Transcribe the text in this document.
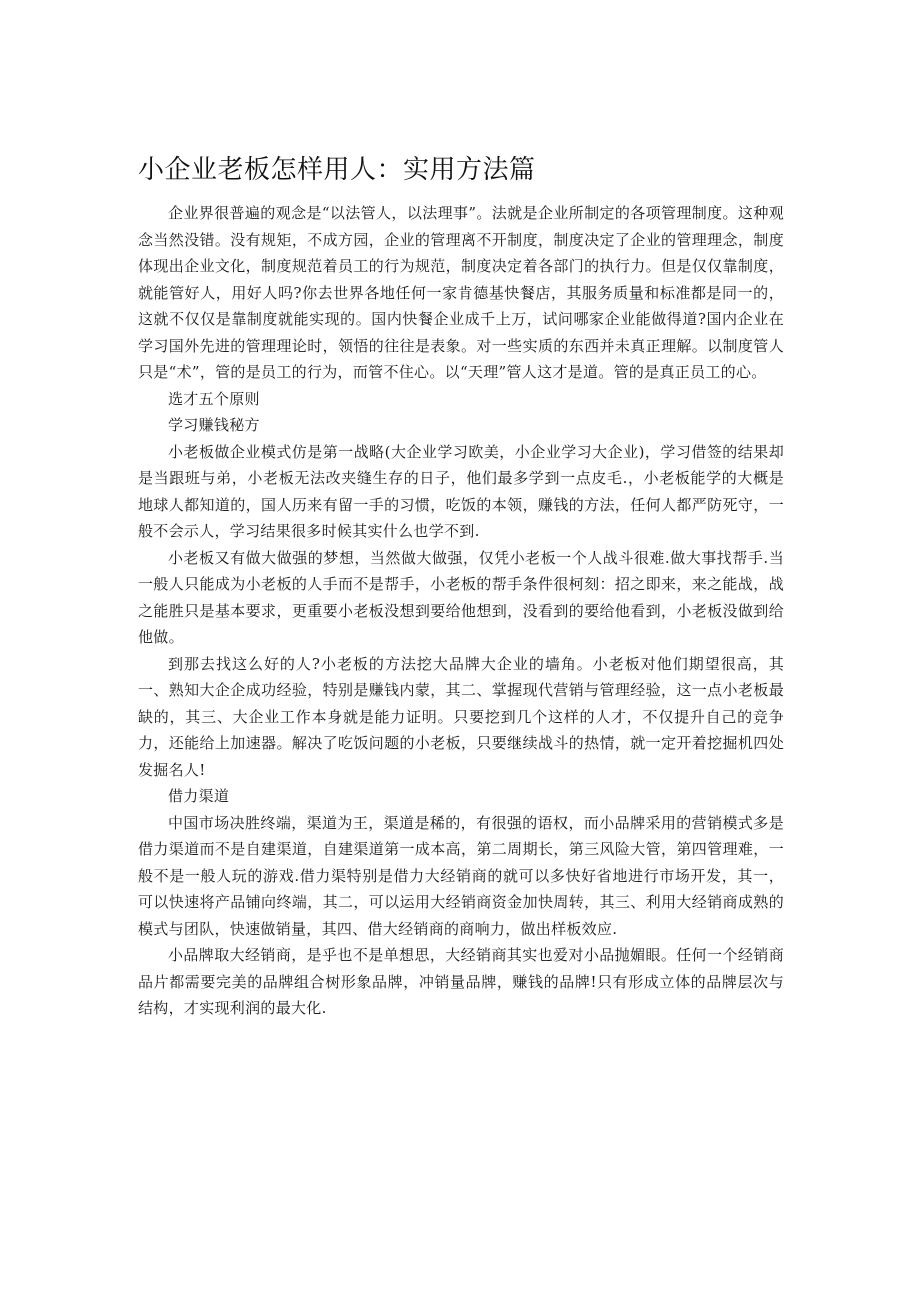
小企业老板怎样用人：实用方法篇

企业界很普遍的观念是“以法管人，以法理事”。法就是企业所制定的各项管理制度。这种观念当然没错。没有规矩，不成方园，企业的管理离不开制度，制度决定了企业的管理理念，制度体现出企业文化，制度规范着员工的行为规范，制度决定着各部门的执行力。但是仅仅靠制度，就能管好人，用好人吗?你去世界各地任何一家肯德基快餐店，其服务质量和标准都是同一的，这就不仅仅是靠制度就能实现的。国内快餐企业成千上万，试问哪家企业能做得道?国内企业在学习国外先进的管理理论时，领悟的往往是表象。对一些实质的东西并未真正理解。以制度管人只是“术”，管的是员工的行为，而管不住心。以“天理”管人这才是道。管的是真正员工的心。

选才五个原则

学习赚钱秘方

小老板做企业模式仿是第一战略(大企业学习欧美，小企业学习大企业)，学习借签的结果却是当跟班与弟，小老板无法改夹缝生存的日子，他们最多学到一点皮毛.，小老板能学的大概是地球人都知道的，国人历来有留一手的习惯，吃饭的本领，赚钱的方法，任何人都严防死守，一般不会示人，学习结果很多时候其实什么也学不到.

小老板又有做大做强的梦想，当然做大做强，仅凭小老板一个人战斗很难.做大事找帮手.当一般人只能成为小老板的人手而不是帮手，小老板的帮手条件很柯刻：招之即来，来之能战，战之能胜只是基本要求，更重要小老板没想到要给他想到，没看到的要给他看到，小老板没做到给他做。

到那去找这么好的人?小老板的方法挖大品牌大企业的墙角。小老板对他们期望很高，其一、熟知大企企成功经验，特别是赚钱内蒙，其二、掌握现代营销与管理经验，这一点小老板最缺的，其三、大企业工作本身就是能力证明。只要挖到几个这样的人才，不仅提升自己的竞争力，还能给上加速器。解决了吃饭问题的小老板，只要继续战斗的热情，就一定开着挖掘机四处发掘名人!

借力渠道

中国市场决胜终端，渠道为王，渠道是稀的，有很强的语权，而小品牌采用的营销模式多是借力渠道而不是自建渠道，自建渠道第一成本高，第二周期长，第三风险大管，第四管理难，一般不是一般人玩的游戏.借力渠特别是借力大经销商的就可以多快好省地进行市场开发，其一，可以快速将产品铺向终端，其二，可以运用大经销商资金加快周转，其三、利用大经销商成熟的模式与团队，快速做销量，其四、借大经销商的商响力，做出样板效应.

小品牌取大经销商，是乎也不是单想思，大经销商其实也爱对小品抛媚眼。任何一个经销商品片都需要完美的品牌组合树形象品牌，冲销量品牌，赚钱的品牌!只有形成立体的品牌层次与结构，才实现利润的最大化.
